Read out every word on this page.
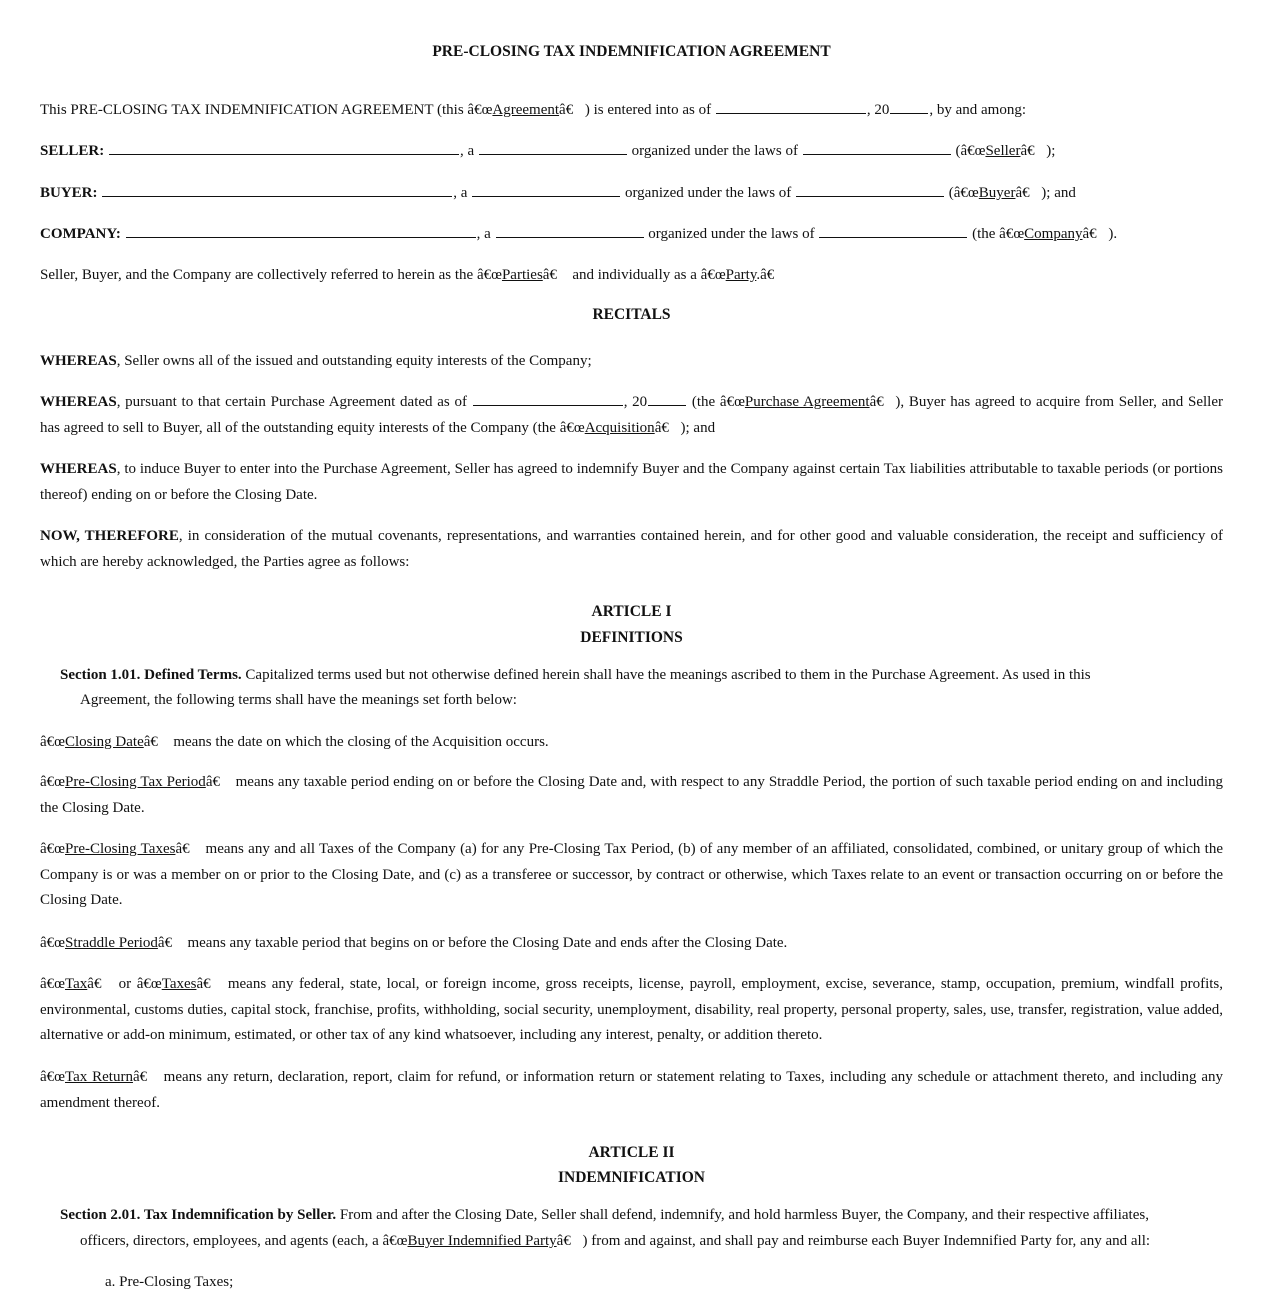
PRE-CLOSING TAX INDEMNIFICATION AGREEMENT
This PRE-CLOSING TAX INDEMNIFICATION AGREEMENT (this â€œAgreementâ€ ) is entered into as of	, 20	, by and among:
SELLER:	, a	organized under the laws of	(â€œSellerâ€ );
BUYER:	, a	organized under the laws of	(â€œBuyerâ€ ); and
COMPANY:	, a	organized under the laws of	(the â€œCompanyâ€ ).
Seller, Buyer, and the Company are collectively referred to herein as the â€œPartiesâ€  and individually as a â€œParty.â€ 
RECITALS
WHEREAS, Seller owns all of the issued and outstanding equity interests of the Company;
WHEREAS, pursuant to that certain Purchase Agreement dated as of	, 20	(the â€œPurchase Agreementâ€ ), Buyer has agreed to acquire from Seller, and Seller has agreed to sell to Buyer, all of the outstanding equity interests of the Company (the â€œAcquisitionâ€ ); and
WHEREAS, to induce Buyer to enter into the Purchase Agreement, Seller has agreed to indemnify Buyer and the Company against certain Tax liabilities attributable to taxable periods (or portions thereof) ending on or before the Closing Date.
NOW, THEREFORE, in consideration of the mutual covenants, representations, and warranties contained herein, and for other good and valuable consideration, the receipt and sufficiency of which are hereby acknowledged, the Parties agree as follows:
ARTICLE I
DEFINITIONS
Section 1.01. Defined Terms. Capitalized terms used but not otherwise defined herein shall have the meanings ascribed to them in the Purchase Agreement. As used in this
Agreement, the following terms shall have the meanings set forth below:
â€œClosing Dateâ€  means the date on which the closing of the Acquisition occurs.
â€œPre-Closing Tax Periodâ€  means any taxable period ending on or before the Closing Date and, with respect to any Straddle Period, the portion of such taxable period ending on and including the Closing Date.
â€œPre-Closing Taxesâ€  means any and all Taxes of the Company (a) for any Pre-Closing Tax Period, (b) of any member of an affiliated, consolidated, combined, or unitary group of which the Company is or was a member on or prior to the Closing Date, and (c) as a transferee or successor, by contract or otherwise, which Taxes relate to an event or transaction occurring on or before the Closing Date.
â€œStraddle Periodâ€  means any taxable period that begins on or before the Closing Date and ends after the Closing Date.
â€œTaxâ€  or â€œTaxesâ€  means any federal, state, local, or foreign income, gross receipts, license, payroll, employment, excise, severance, stamp, occupation, premium, windfall profits, environmental, customs duties, capital stock, franchise, profits, withholding, social security, unemployment, disability, real property, personal property, sales, use, transfer, registration, value added, alternative or add-on minimum, estimated, or other tax of any kind whatsoever, including any interest, penalty, or addition thereto.
â€œTax Returnâ€  means any return, declaration, report, claim for refund, or information return or statement relating to Taxes, including any schedule or attachment thereto, and including any amendment thereof.
ARTICLE II
INDEMNIFICATION
Section 2.01. Tax Indemnification by Seller. From and after the Closing Date, Seller shall defend, indemnify, and hold harmless Buyer, the Company, and their respective affiliates,
officers, directors, employees, and agents (each, a â€œBuyer Indemnified Partyâ€ ) from and against, and shall pay and reimburse each Buyer Indemnified Party for, any and all:
a. Pre-Closing Taxes;
